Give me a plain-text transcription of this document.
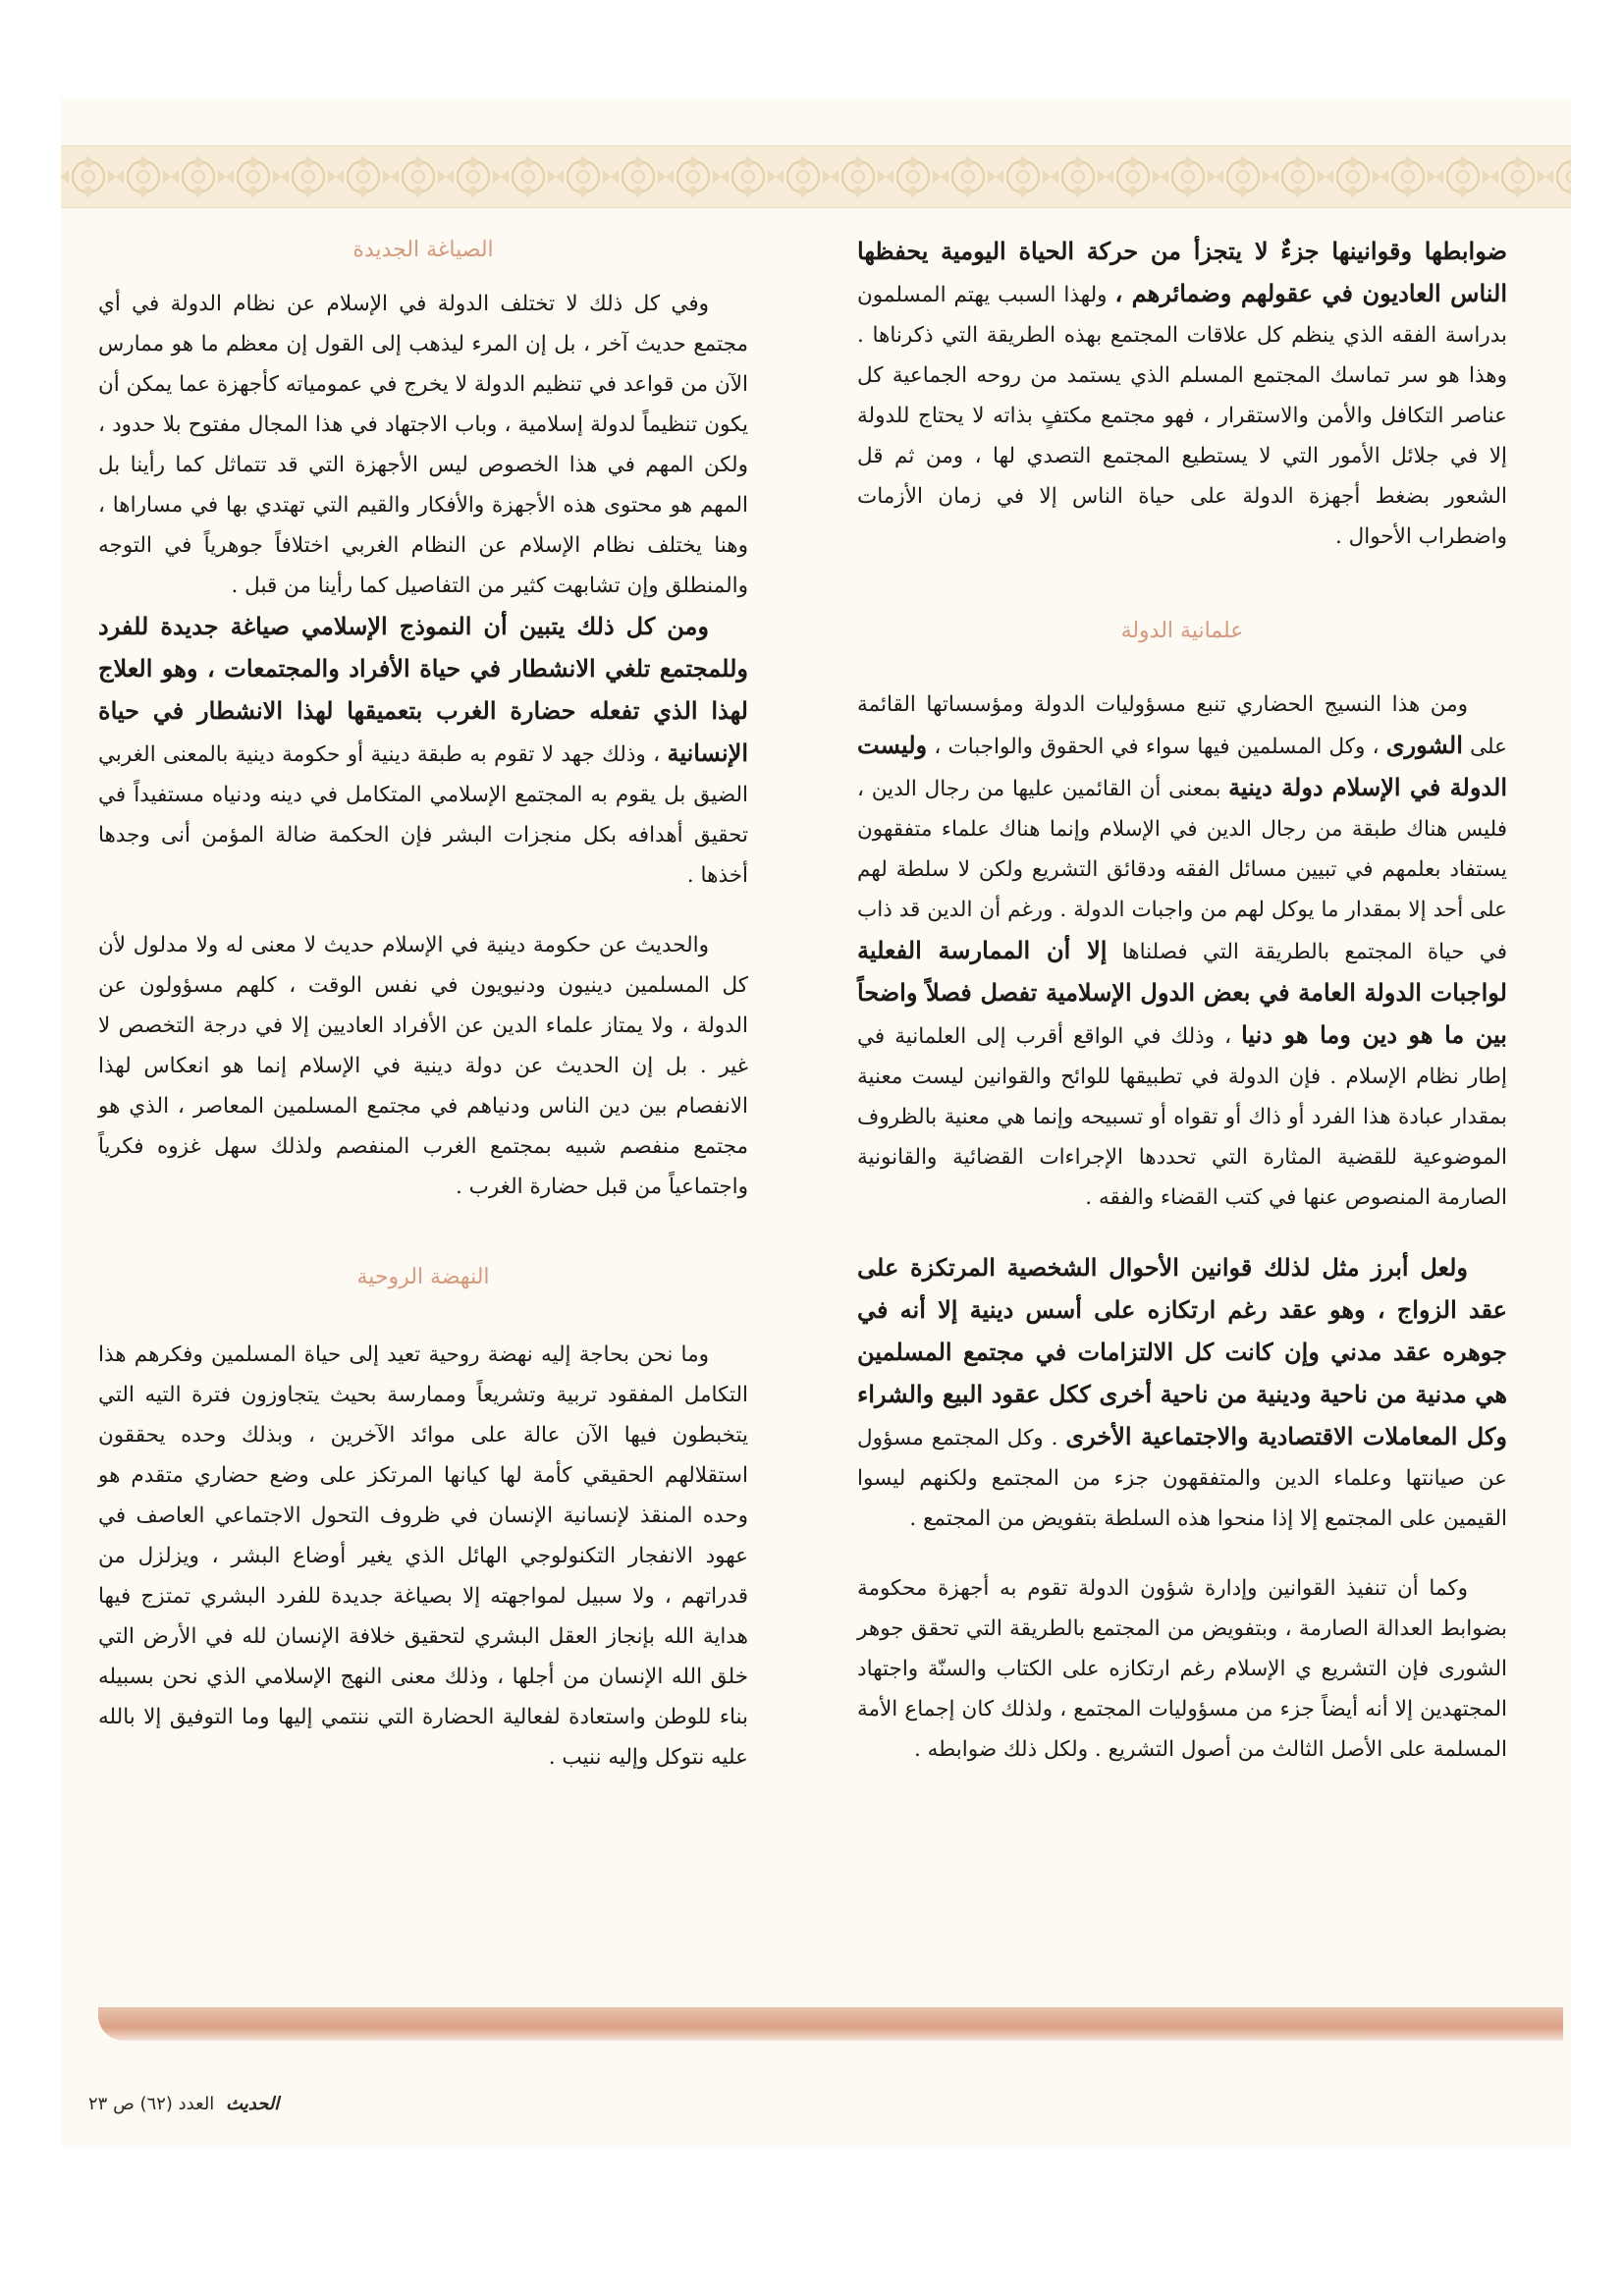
ضوابطها وقوانينها جزءٌ لا يتجزأ من حركة الحياة اليومية يحفظها الناس العاديون في عقولهم وضمائرهم ، ولهذا السبب يهتم المسلمون بدراسة الفقه الذي ينظم كل علاقات المجتمع بهذه الطريقة التي ذكرناها . وهذا هو سر تماسك المجتمع المسلم الذي يستمد من روحه الجماعية كل عناصر التكافل والأمن والاستقرار ، فهو مجتمع مكتفٍ بذاته لا يحتاج للدولة إلا في جلائل الأمور التي لا يستطيع المجتمع التصدي لها ، ومن ثم قل الشعور بضغط أجهزة الدولة على حياة الناس إلا في زمان الأزمات واضطراب الأحوال .

علمانية الدولة

ومن هذا النسيج الحضاري تنبع مسؤوليات الدولة ومؤسساتها القائمة على الشورى ، وكل المسلمين فيها سواء في الحقوق والواجبات ، وليست الدولة في الإسلام دولة دينية بمعنى أن القائمين عليها من رجال الدين ، فليس هناك طبقة من رجال الدين في الإسلام وإنما هناك علماء متفقهون يستفاد بعلمهم في تبيين مسائل الفقه ودقائق التشريع ولكن لا سلطة لهم على أحد إلا بمقدار ما يوكل لهم من واجبات الدولة . ورغم أن الدين قد ذاب في حياة المجتمع بالطريقة التي فصلناها إلا أن الممارسة الفعلية لواجبات الدولة العامة في بعض الدول الإسلامية تفصل فصلاً واضحاً بين ما هو دين وما هو دنيا ، وذلك في الواقع أقرب إلى العلمانية في إطار نظام الإسلام . فإن الدولة في تطبيقها للوائح والقوانين ليست معنية بمقدار عبادة هذا الفرد أو ذاك أو تقواه أو تسبيحه وإنما هي معنية بالظروف الموضوعية للقضية المثارة التي تحددها الإجراءات القضائية والقانونية الصارمة المنصوص عنها في كتب القضاء والفقه .

ولعل أبرز مثل لذلك قوانين الأحوال الشخصية المرتكزة على عقد الزواج ، وهو عقد رغم ارتكازه على أسس دينية إلا أنه في جوهره عقد مدني وإن كانت كل الالتزامات في مجتمع المسلمين هي مدنية من ناحية ودينية من ناحية أخرى ككل عقود البيع والشراء وكل المعاملات الاقتصادية والاجتماعية الأخرى . وكل المجتمع مسؤول عن صيانتها وعلماء الدين والمتفقهون جزء من المجتمع ولكنهم ليسوا القيمين على المجتمع إلا إذا منحوا هذه السلطة بتفويض من المجتمع .

وكما أن تنفيذ القوانين وإدارة شؤون الدولة تقوم به أجهزة محكومة بضوابط العدالة الصارمة ، وبتفويض من المجتمع بالطريقة التي تحقق جوهر الشورى فإن التشريع ي الإسلام رغم ارتكازه على الكتاب والسنّة واجتهاد المجتهدين إلا أنه أيضاً جزء من مسؤوليات المجتمع ، ولذلك كان إجماع الأمة المسلمة على الأصل الثالث من أصول التشريع . ولكل ذلك ضوابطه .

الصياغة الجديدة

وفي كل ذلك لا تختلف الدولة في الإسلام عن نظام الدولة في أي مجتمع حديث آخر ، بل إن المرء ليذهب إلى القول إن معظم ما هو ممارس الآن من قواعد في تنظيم الدولة لا يخرج في عمومياته كأجهزة عما يمكن أن يكون تنظيماً لدولة إسلامية ، وباب الاجتهاد في هذا المجال مفتوح بلا حدود ، ولكن المهم في هذا الخصوص ليس الأجهزة التي قد تتماثل كما رأينا بل المهم هو محتوى هذه الأجهزة والأفكار والقيم التي تهتدي بها في مساراها ، وهنا يختلف نظام الإسلام عن النظام الغربي اختلافاً جوهرياً في التوجه والمنطلق وإن تشابهت كثير من التفاصيل كما رأينا من قبل .

ومن كل ذلك يتبين أن النموذج الإسلامي صياغة جديدة للفرد وللمجتمع تلغي الانشطار في حياة الأفراد والمجتمعات ، وهو العلاج لهذا الذي تفعله حضارة الغرب بتعميقها لهذا الانشطار في حياة الإنسانية ، وذلك جهد لا تقوم به طبقة دينية أو حكومة دينية بالمعنى الغربي الضيق بل يقوم به المجتمع الإسلامي المتكامل في دينه ودنياه مستفيداً في تحقيق أهدافه بكل منجزات البشر فإن الحكمة ضالة المؤمن أنى وجدها أخذها .

والحديث عن حكومة دينية في الإسلام حديث لا معنى له ولا مدلول لأن كل المسلمين دينيون ودنيويون في نفس الوقت ، كلهم مسؤولون عن الدولة ، ولا يمتاز علماء الدين عن الأفراد العاديين إلا في درجة التخصص لا غير . بل إن الحديث عن دولة دينية في الإسلام إنما هو انعكاس لهذا الانفصام بين دين الناس ودنياهم في مجتمع المسلمين المعاصر ، الذي هو مجتمع منفصم شبيه بمجتمع الغرب المنفصم ولذلك سهل غزوه فكرياً واجتماعياً من قبل حضارة الغرب .

النهضة الروحية

وما نحن بحاجة إليه نهضة روحية تعيد إلى حياة المسلمين وفكرهم هذا التكامل المفقود تربية وتشريعاً وممارسة بحيث يتجاوزون فترة التيه التي يتخبطون فيها الآن عالة على موائد الآخرين ، وبذلك وحده يحققون استقلالهم الحقيقي كأمة لها كيانها المرتكز على وضع حضاري متقدم هو وحده المنقذ لإنسانية الإنسان في ظروف التحول الاجتماعي العاصف في عهود الانفجار التكنولوجي الهائل الذي يغير أوضاع البشر ، ويزلزل من قدراتهم ، ولا سبيل لمواجهته إلا بصياغة جديدة للفرد البشري تمتزج فيها هداية الله بإنجاز العقل البشري لتحقيق خلافة الإنسان لله في الأرض التي خلق الله الإنسان من أجلها ، وذلك معنى النهج الإسلامي الذي نحن بسبيله بناء للوطن واستعادة لفعالية الحضارة التي ننتمي إليها وما التوفيق إلا بالله عليه نتوكل وإليه ننيب .

الحديث العدد (٦٢) ص ٢٣
